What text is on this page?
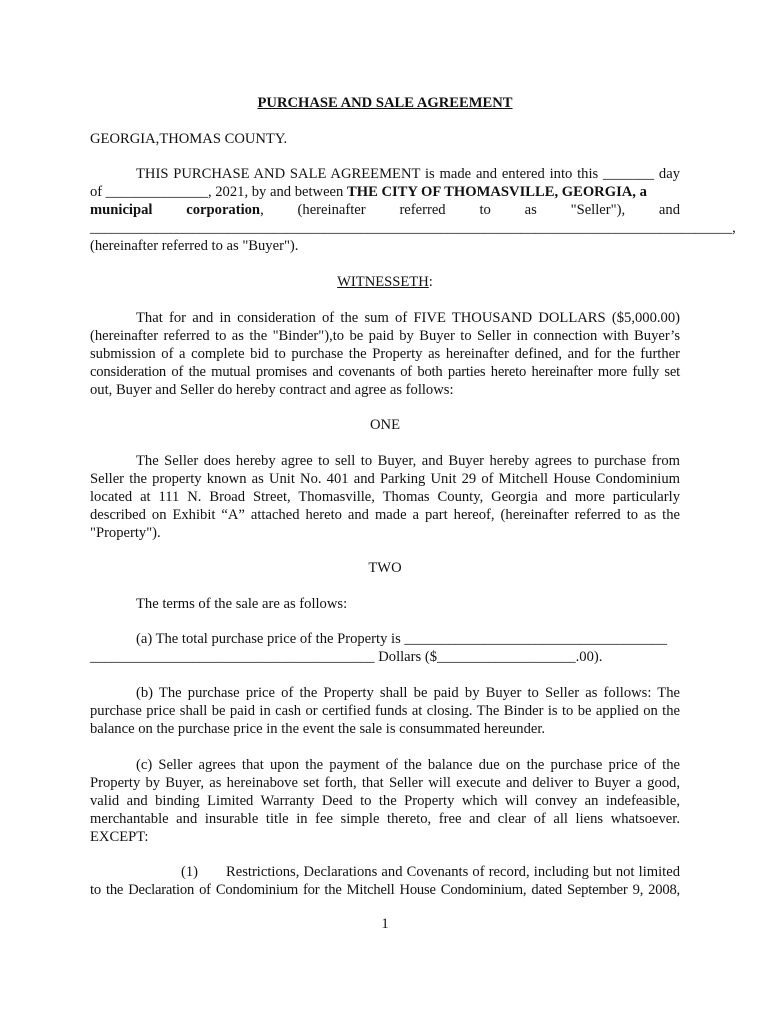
PURCHASE AND SALE AGREEMENT
GEORGIA,THOMAS COUNTY.
THIS PURCHASE AND SALE AGREEMENT is made and entered into this _______ day
of ______________, 2021, by and between THE CITY OF THOMASVILLE, GEORGIA, a
municipal corporation, (hereinafter referred to as "Seller"), and
________________________________________________________________________________________,
(hereinafter referred to as "Buyer").
WITNESSETH:
That for and in consideration of the sum of FIVE THOUSAND DOLLARS ($5,000.00)
(hereinafter referred to as the "Binder"),to be paid by Buyer to Seller in connection with Buyer’s
submission of a complete bid to purchase the Property as hereinafter defined, and for the further
consideration of the mutual promises and covenants of both parties hereto hereinafter more fully set
out, Buyer and Seller do hereby contract and agree as follows:
ONE
The Seller does hereby agree to sell to Buyer, and Buyer hereby agrees to purchase from
Seller the property known as Unit No. 401 and Parking Unit 29 of Mitchell House Condominium
located at 111 N. Broad Street, Thomasville, Thomas County, Georgia and more particularly
described on Exhibit “A” attached hereto and made a part hereof, (hereinafter referred to as the
"Property").
TWO
The terms of the sale are as follows:
(a) The total purchase price of the Property is ____________________________________
_______________________________________ Dollars ($___________________.00).
(b) The purchase price of the Property shall be paid by Buyer to Seller as follows: The
purchase price shall be paid in cash or certified funds at closing. The Binder is to be applied on the
balance on the purchase price in the event the sale is consummated hereunder.
(c) Seller agrees that upon the payment of the balance due on the purchase price of the
Property by Buyer, as hereinabove set forth, that Seller will execute and deliver to Buyer a good,
valid and binding Limited Warranty Deed to the Property which will convey an indefeasible,
merchantable and insurable title in fee simple thereto, free and clear of all liens whatsoever.
EXCEPT:
(1) Restrictions, Declarations and Covenants of record, including but not limited
to the Declaration of Condominium for the Mitchell House Condominium, dated September 9, 2008,
1
